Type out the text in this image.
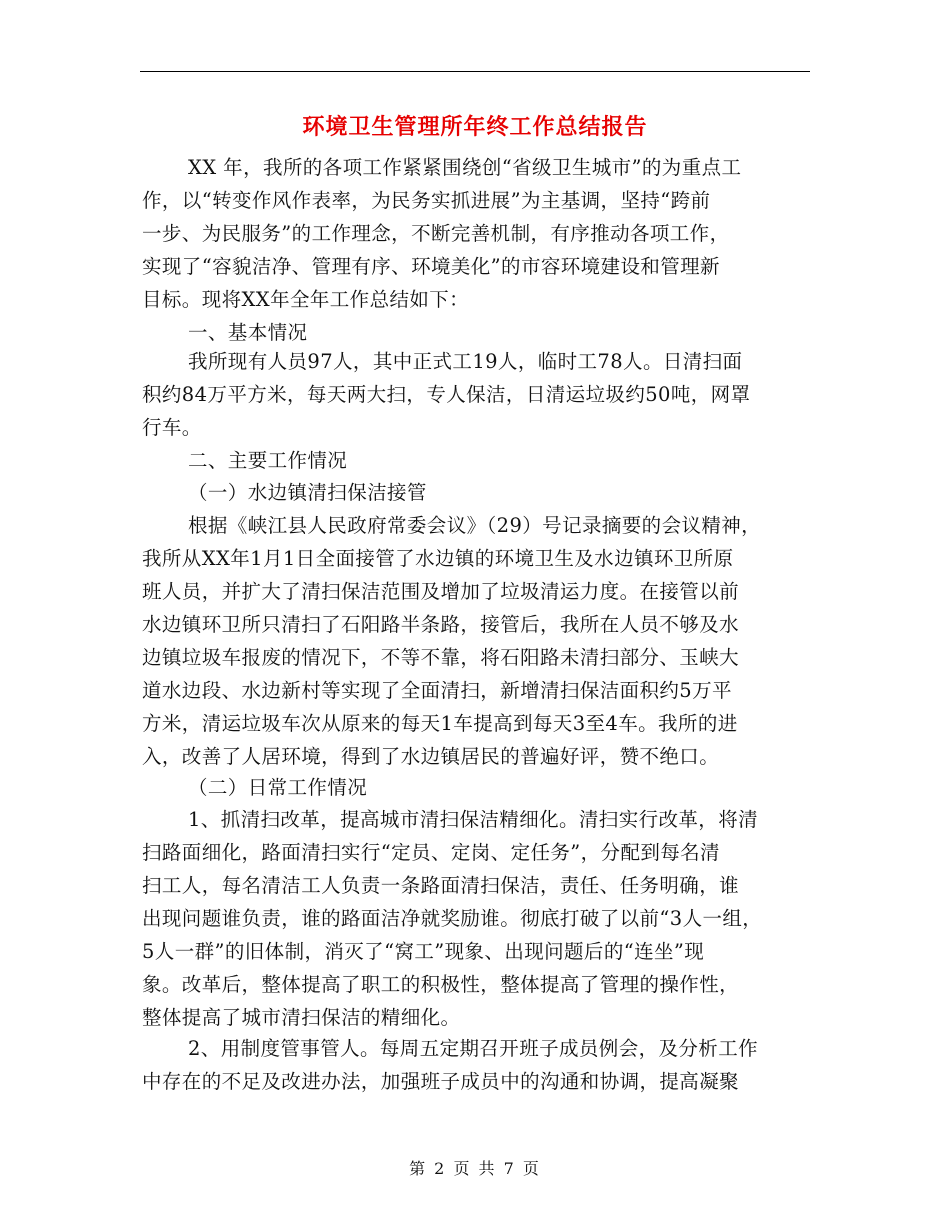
环境卫生管理所年终工作总结报告
XX 年，我所的各项工作紧紧围绕创“省级卫生城市”的为重点工
作，以“转变作风作表率，为民务实抓进展”为主基调，坚持“跨前
一步、为民服务”的工作理念，不断完善机制，有序推动各项工作，
实现了“容貌洁净、管理有序、环境美化”的市容环境建设和管理新
目标。现将XX年全年工作总结如下：
一、基本情况
我所现有人员97人，其中正式工19人，临时工78人。日清扫面
积约84万平方米，每天两大扫，专人保洁，日清运垃圾约50吨，网罩
行车。
二、主要工作情况
（一）水边镇清扫保洁接管
根据《峡江县人民政府常委会议》（29）号记录摘要的会议精神，
我所从XX年1月1日全面接管了水边镇的环境卫生及水边镇环卫所原
班人员，并扩大了清扫保洁范围及增加了垃圾清运力度。在接管以前
水边镇环卫所只清扫了石阳路半条路，接管后，我所在人员不够及水
边镇垃圾车报废的情况下，不等不靠，将石阳路未清扫部分、玉峡大
道水边段、水边新村等实现了全面清扫，新增清扫保洁面积约5万平
方米，清运垃圾车次从原来的每天1车提高到每天3至4车。我所的进
入，改善了人居环境，得到了水边镇居民的普遍好评，赞不绝口。
（二）日常工作情况
1、抓清扫改革，提高城市清扫保洁精细化。清扫实行改革，将清
扫路面细化，路面清扫实行“定员、定岗、定任务”，分配到每名清
扫工人，每名清洁工人负责一条路面清扫保洁，责任、任务明确，谁
出现问题谁负责，谁的路面洁净就奖励谁。彻底打破了以前“3人一组，
5人一群”的旧体制，消灭了“窝工”现象、出现问题后的“连坐”现
象。改革后，整体提高了职工的积极性，整体提高了管理的操作性，
整体提高了城市清扫保洁的精细化。
2、用制度管事管人。每周五定期召开班子成员例会，及分析工作
中存在的不足及改进办法，加强班子成员中的沟通和协调，提高凝聚
第 2 页 共 7 页
